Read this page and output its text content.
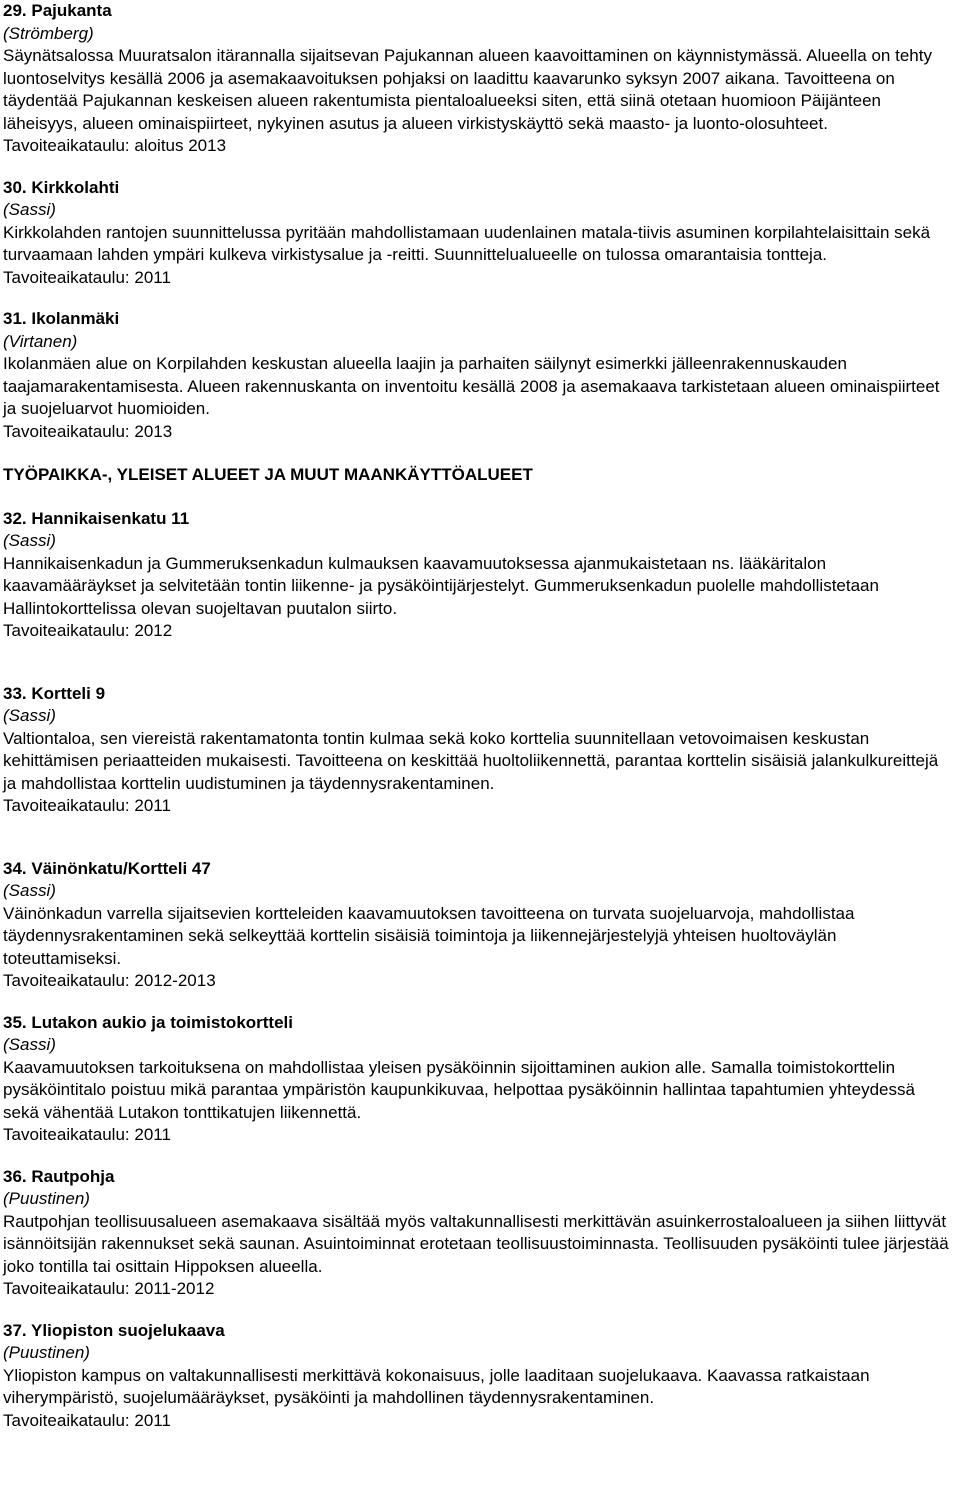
29. Pajukanta
(Strömberg)
Säynätsalossa Muuratsalon itärannalla sijaitsevan Pajukannan alueen kaavoittaminen on käynnistymässä. Alueella on tehty luontoselvitys kesällä 2006 ja asemakaavoituksen pohjaksi on laadittu kaavarunko syksyn 2007 aikana. Tavoitteena on täydentää Pajukannan keskeisen alueen rakentumista pientaloalueeksi siten, että siinä otetaan huomioon Päijänteen läheisyys, alueen ominaispiirteet, nykyinen asutus ja alueen virkistyskäyttö sekä maasto- ja luonto-olosuhteet.
Tavoiteaikataulu: aloitus 2013
30. Kirkkolahti
(Sassi)
Kirkkolahden rantojen suunnittelussa pyritään mahdollistamaan uudenlainen matala-tiivis asuminen korpilahtelaisittain sekä turvaamaan lahden ympäri kulkeva virkistysalue ja -reitti. Suunnittelualueelle on tulossa omarantaisia tontteja.
Tavoiteaikataulu: 2011
31. Ikolanmäki
(Virtanen)
Ikolanmäen alue on Korpilahden keskustan alueella laajin ja parhaiten säilynyt esimerkki jälleenrakennuskauden taajamarakentamisesta. Alueen rakennuskanta on inventoitu kesällä 2008 ja asemakaava tarkistetaan alueen ominaispiirteet ja suojeluarvot huomioiden.
Tavoiteaikataulu: 2013
TYÖPAIKKA-, YLEISET ALUEET JA MUUT MAANKÄYTTÖALUEET
32. Hannikaisenkatu 11
(Sassi)
Hannikaisenkadun ja Gummeruksenkadun kulmauksen kaavamuutoksessa ajanmukaistetaan ns. lääkäritalon kaavamääräykset ja selvitetään tontin liikenne- ja pysäköintijärjestelyt. Gummeruksenkadun puolelle mahdollistetaan Hallintokorttelissa olevan suojeltavan puutalon siirto.
Tavoiteaikataulu: 2012
33. Kortteli 9
(Sassi)
Valtiontaloa, sen viereistä rakentamatonta tontin kulmaa sekä koko korttelia suunnitellaan vetovoimaisen keskustan kehittämisen periaatteiden mukaisesti. Tavoitteena on keskittää huoltoliikennettä, parantaa korttelin sisäisiä jalankulkureittejä ja mahdollistaa korttelin uudistuminen ja täydennysrakentaminen.
Tavoiteaikataulu: 2011
34. Väinönkatu/Kortteli 47
(Sassi)
Väinönkadun varrella sijaitsevien kortteleiden kaavamuutoksen tavoitteena on turvata suojeluarvoja, mahdollistaa täydennysrakentaminen sekä selkeyttää korttelin sisäisiä toimintoja ja liikennejärjestelyjä yhteisen huoltoväylän toteuttamiseksi.
Tavoiteaikataulu: 2012-2013
35. Lutakon aukio ja toimistokortteli
(Sassi)
Kaavamuutoksen tarkoituksena on mahdollistaa yleisen pysäköinnin sijoittaminen aukion alle. Samalla toimistokorttelin pysäköintitalo poistuu mikä parantaa ympäristön kaupunkikuvaa, helpottaa pysäköinnin hallintaa tapahtumien yhteydessä sekä vähentää Lutakon tonttikatujen liikennettä.
Tavoiteaikataulu: 2011
36. Rautpohja
(Puustinen)
Rautpohjan teollisuusalueen asemakaava sisältää myös valtakunnallisesti merkittävän asuinkerrostaloalueen ja siihen liittyvät isännöitsijän rakennukset sekä saunan. Asuintoiminnat erotetaan teollisuustoiminnasta. Teollisuuden pysäköinti tulee järjestää joko tontilla tai osittain Hippoksen alueella.
Tavoiteaikataulu: 2011-2012
37. Yliopiston suojelukaava
(Puustinen)
Yliopiston kampus on valtakunnallisesti merkittävä kokonaisuus, jolle laaditaan suojelukaava. Kaavassa ratkaistaan viherympäristö, suojelumääräykset, pysäköinti ja mahdollinen täydennysrakentaminen.
Tavoiteaikataulu: 2011
